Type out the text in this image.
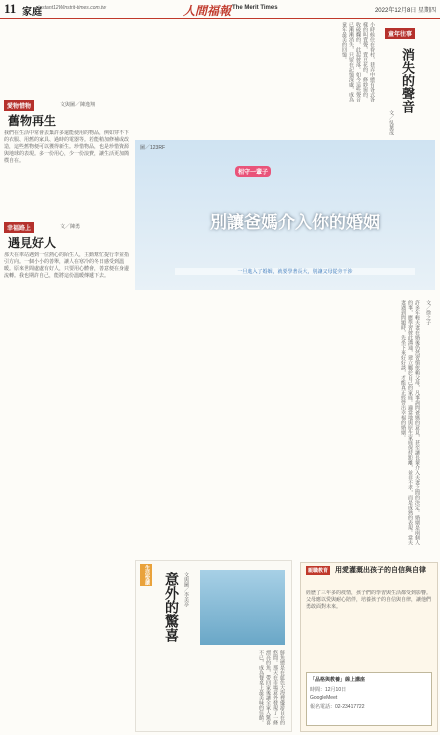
11 家庭
Instant12Winstrit-times.com.tw	人間福報 The Merit Times	2022年12月8日 星期四
愛物惜物	文與圖／陳逸翔
舊物再生
我們在生活中常會丟棄許多還能使用的物品，例如穿不下的衣服、用舊的家具、過時的電器等。若能稍加修補或改造，這些舊物便可以獲得新生。珍惜物品，也是珍惜資源與地球的表現。多一份用心，少一份浪費，讓生活更加簡樸自在。
幸福路上	文／陳勇
遇見好人
那天在車站遇到一位熱心的陌生人，主動幫忙提行李並指引方向。一個小小的善舉，讓人在寒冷的冬日感受到溫暖。原來世間處處有好人，只要用心體會，善意便在身邊流轉。我也期許自己，能將這份溫暖傳遞下去。
小時候住在眷村，巷弄中總有各式各樣的叫賣聲，賣豆花的、修紗窗的、收破爛的，此起彼落。如今這些聲音已漸漸消失，只留在記憶深處，成為童年最美的回憶。	童年往事
消失的聲音
文／吳葉茂
圖／123RF
相守一輩子
別讓爸媽介入你的婚姻
一旦進入了婚姻，就要學著長大，別讓父母從旁干涉
許多年輕夫妻在婚後仍然習慣依賴父母，凡事詢問爸媽的意見，甚至讓長輩介入夫妻之間的決定。婚姻是兩個人的事，應學習彼此溝通，建立屬於自己的家庭。適當地與原生家庭保持距離，並非不孝，而是成熟的表現。當夫妻遇到問題時，先坐下來好好談，才能真正經營出幸福的婚姻。	文／徐之子
生活悅讀 意外的驚喜	文與圖／李美亭
鮮魚總是在藍色大海裡優游自在的悠閒。那天在市場意外發現了一條漂亮的魚，帶回家後讓全家人驚喜不已，成為餐桌上最美味的佳餚。
親職教育 用愛灌溉出孩子的自信與自律
經歷了三年多的疫情，孩子們的學習與生活都受到影響。父母應以愛與耐心陪伴，培養孩子的自信與自律，讓他們勇敢面對未來。
「品格與教養」線上講座
時間：12月10日
GoogleMeet
報名電話：02-23417722
